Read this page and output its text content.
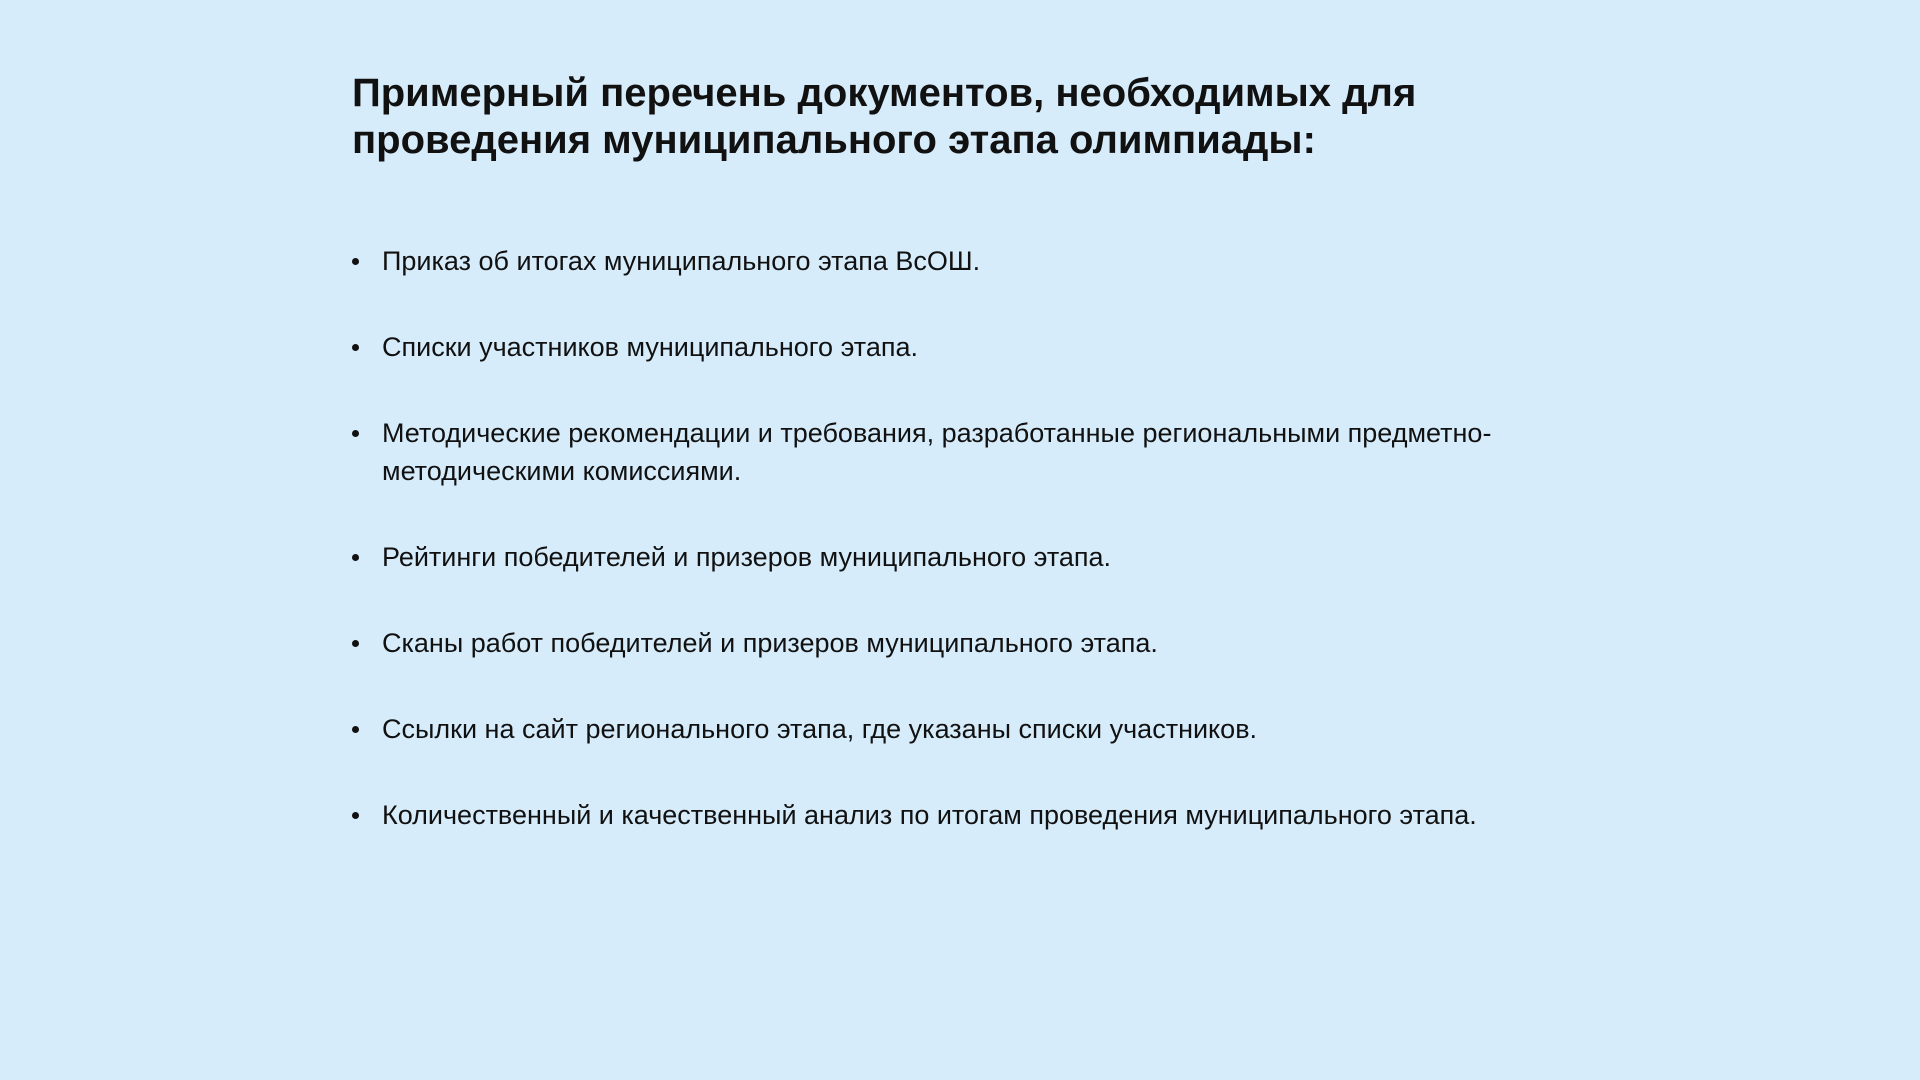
Примерный перечень документов, необходимых для проведения муниципального этапа олимпиады:
Приказ об итогах муниципального этапа ВсОШ.
Списки участников муниципального этапа.
Методические рекомендации и требования, разработанные региональными предметно-методическими комиссиями.
Рейтинги победителей и призеров муниципального этапа.
Сканы работ победителей и призеров муниципального этапа.
Ссылки на сайт регионального этапа, где указаны списки участников.
Количественный и качественный анализ по итогам проведения муниципального этапа.
